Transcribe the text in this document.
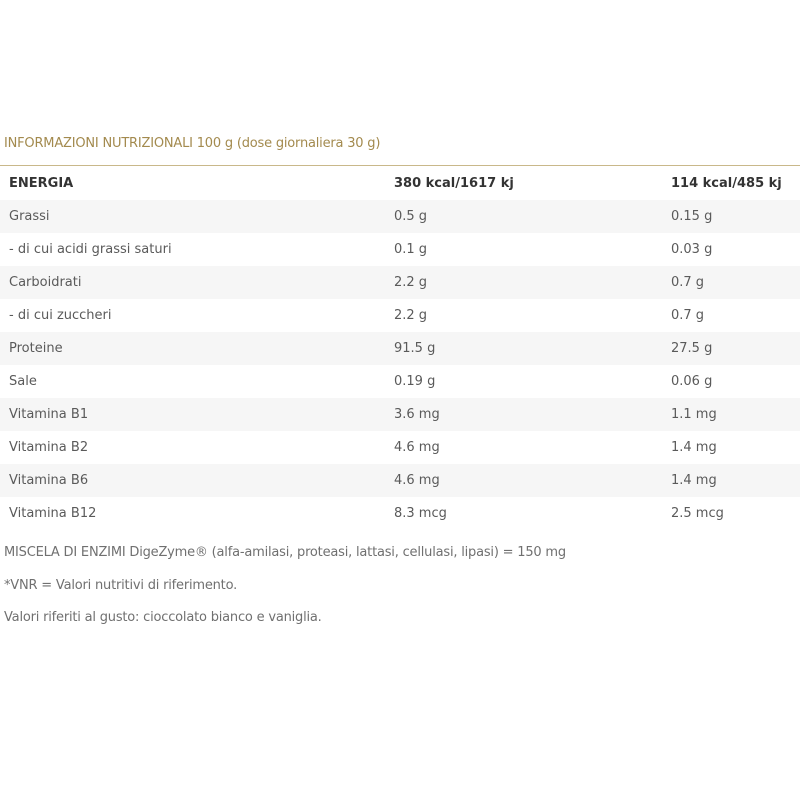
INFORMAZIONI NUTRIZIONALI 100 g (dose giornaliera 30 g)
ENERGIA	380 kcal/1617 kj	114 kcal/485 kj
Grassi	0.5 g	0.15 g
- di cui acidi grassi saturi	0.1 g	0.03 g
Carboidrati	2.2 g	0.7 g
- di cui zuccheri	2.2 g	0.7 g
Proteine	91.5 g	27.5 g
Sale	0.19 g	0.06 g
Vitamina B1	3.6 mg	1.1 mg
Vitamina B2	4.6 mg	1.4 mg
Vitamina B6	4.6 mg	1.4 mg
Vitamina B12	8.3 mcg	2.5 mcg
MISCELA DI ENZIMI DigeZyme® (alfa-amilasi, proteasi, lattasi, cellulasi, lipasi) = 150 mg
*VNR = Valori nutritivi di riferimento.
Valori riferiti al gusto: cioccolato bianco e vaniglia.
